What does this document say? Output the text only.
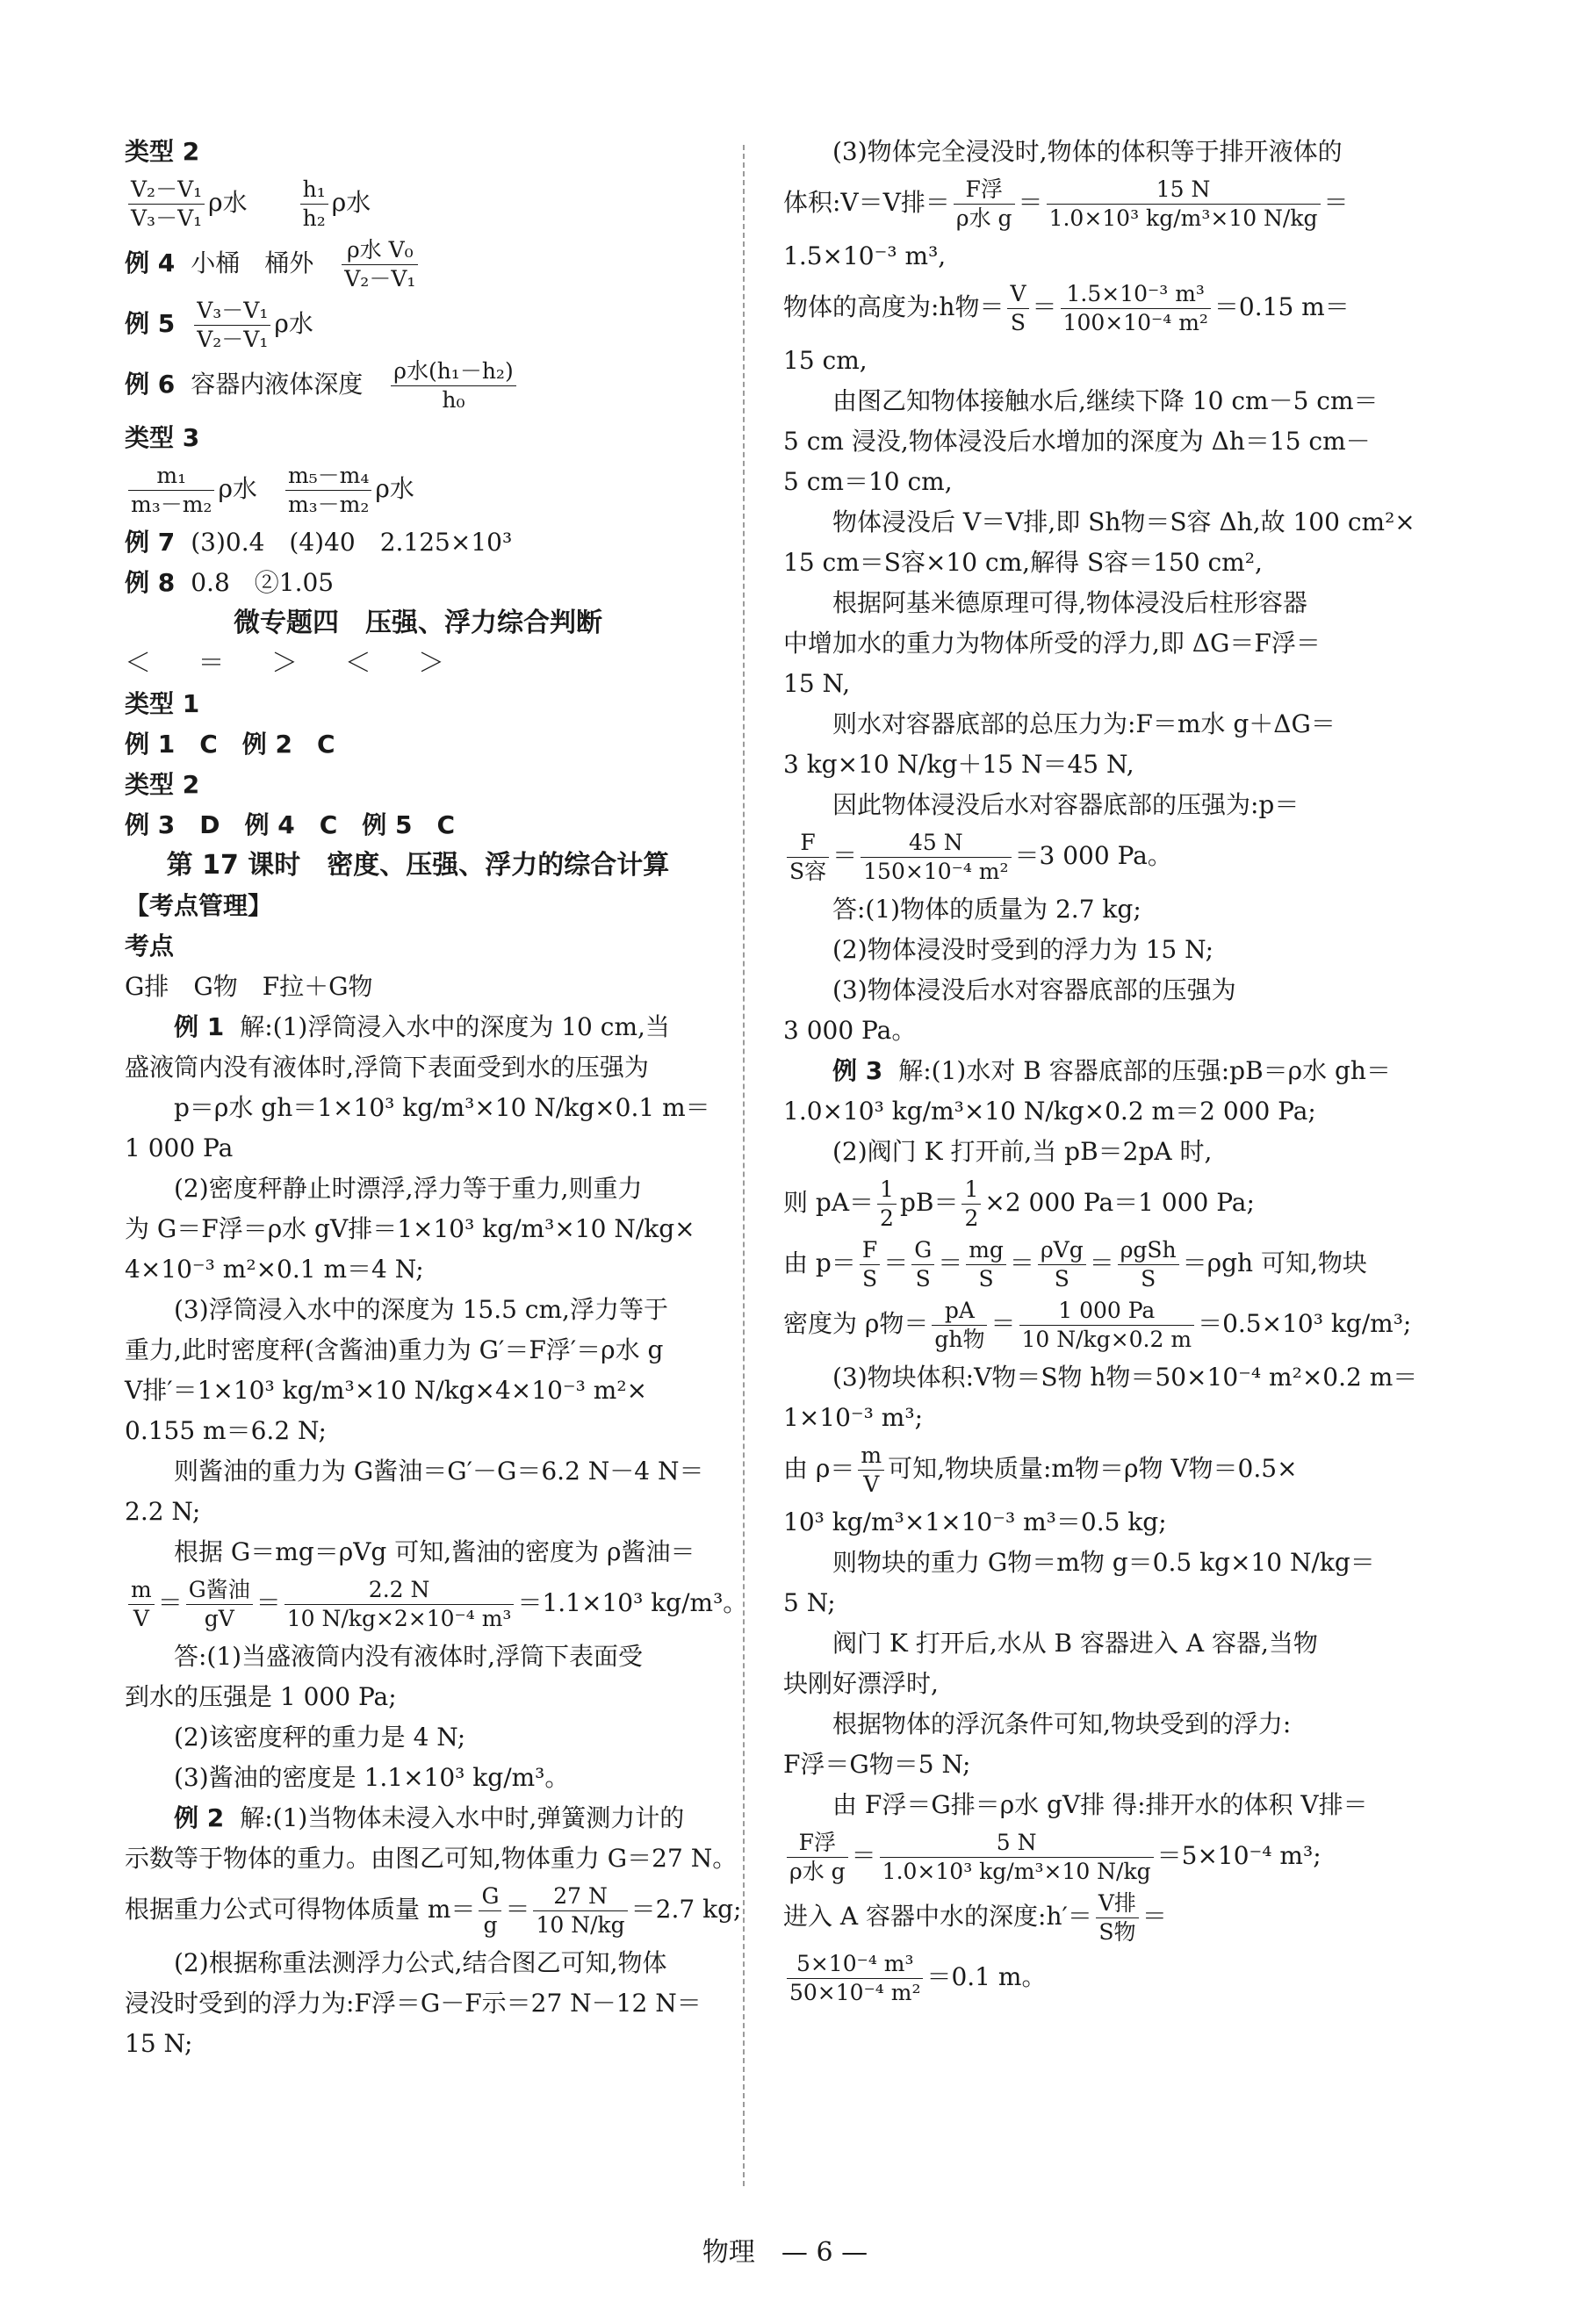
类型 2
$\frac{\text{V₂－V₁}}{\text{V₃－V₁}}$ ρ水　　 $\frac{\text{h₁}}{\text{h₂}}$ ρ水
例 4 小桶　桶外　 ρ水 V₀
V₂－V₁
例 $5 \frac{\text{V₃－V₁}}{\text{V₂－V₁}}$ ρ水
例 6 容器内液体深度　 ρ水(h₁－h₂)
h₀
类型 3
$\frac{\text{m₁}}{\text{m₃－m₂}}$ ρ水　 $\frac{\text{m₅－m₄}}{\text{m₃－m₂}}$ ρ水
例 7 (3)0.4　(4)40　2.125×10³
例 8 0.8　②1.05
微专题四　压强、浮力综合判断
＜ ＝ ＞ ＜ ＞
类型 1
例 1　C　例 2　C
类型 2
例 3　D　例 4　C　例 5　C
第 17 课时　密度、压强、浮力的综合计算
【考点管理】
考点
G排　G物　F拉＋G物
例 1 解:(1)浮筒浸入水中的深度为 10 cm,当
盛液筒内没有液体时,浮筒下表面受到水的压强为
p＝ρ水 gh＝1×10³ kg/m³×10 N/kg×0.1 m＝
1 000 Pa
(2)密度秤静止时漂浮,浮力等于重力,则重力
为 G＝F浮＝ρ水 gV排＝1×10³ kg/m³×10 N/kg×
4×10⁻³ m²×0.1 m＝4 N;
(3)浮筒浸入水中的深度为 15.5 cm,浮力等于
重力,此时密度秤(含酱油)重力为 G′＝F浮′＝ρ水 g
V排′＝1×10³ kg/m³×10 N/kg×4×10⁻³ m²×
0.155 m＝6.2 N;
则酱油的重力为 G酱油＝G′－G＝6.2 N－4 N＝
2.2 N;
根据 G＝mg＝ρVg 可知,酱油的密度为 ρ酱油＝
$\frac{m}{V} = G$酱油
gV
＝ $\frac{2.2 N}{\text{10 N/kg×2×10⁻⁴ m³}} =1.1\times 10^3$ kg/m³。
答:(1)当盛液筒内没有液体时,浮筒下表面受
到水的压强是 1 000 Pa;
(2)该密度秤的重力是 4 N;
(3)酱油的密度是 1.1×10³ kg/m³。
例 2 解:(1)当物体未浸入水中时,弹簧测力计的
示数等于物体的重力。由图乙可知,物体重力 G＝27 N。
根据重力公式可得物体质量 $m= \frac{G}{g} = \frac{27 N}{10 N/kg} =2.7$ kg;
(2)根据称重法测浮力公式,结合图乙可知,物体
浸没时受到的浮力为:F浮＝G－F示＝27 N－12 N＝
15 N;
(3)物体完全浸没时,物体的体积等于排开液体的
体积:V＝V排＝ F浮
ρ水 g
＝ $\frac{15 N}{\text{1.0×10³ kg/m³×10 N/kg}}$ ＝
1.5×10⁻³ m³,
物体的高度为:h物＝ $\frac{V}{S} = \frac{\text{1.5×10⁻³ m³}}{\text{100×10⁻⁴ m²}} =0.15$ m＝
15 cm,
由图乙知物体接触水后,继续下降 10 cm－5 cm＝
5 cm 浸没,物体浸没后水增加的深度为 Δh＝15 cm－
5 cm＝10 cm,
物体浸没后 V＝V排,即 Sh物＝S容 Δh,故 100 cm²×
15 cm＝S容×10 cm,解得 S容＝150 cm²,
根据阿基米德原理可得,物体浸没后柱形容器
中增加水的重力为物体所受的浮力,即 ΔG＝F浮＝
15 N,
则水对容器底部的总压力为:F＝m水 g＋ΔG＝
3 kg×10 N/kg＋15 N＝45 N,
因此物体浸没后水对容器底部的压强为:p＝
F
S容
＝ $\frac{45 N}{\text{150×10⁻⁴ m²}} =3$ 000 Pa。
答:(1)物体的质量为 2.7 kg;
(2)物体浸没时受到的浮力为 15 N;
(3)物体浸没后水对容器底部的压强为
3 000 Pa。
例 3 解:(1)水对 B 容器底部的压强:pB＝ρ水 gh＝
1.0×10³ kg/m³×10 N/kg×0.2 m＝2 000 Pa;
(2)阀门 K 打开前,当 pB＝2pA 时,
则 $pA= \frac{1}{2} pB= \frac{1}{2} \times 2$ 000 Pa＝1 000 Pa;
由 $p= \frac{F}{S} = \frac{G}{S} = \frac{mg}{S} = \rho Vg$
S
＝ ρgSh
S
＝ρgh 可知,物块
密度为 ρ物＝ pA
gh物
＝ $\frac{1 000 Pa}{10 N/kg\times 0.2 m} =0.5\times 10^3$ kg/m³;
(3)物块体积:V物＝S物 h物＝50×10⁻⁴ m²×0.2 m＝
1×10⁻³ m³;
由 $\rho= \frac{m}{V}$ 可知,物块质量:m物＝ρ物 V物＝0.5×
10³ kg/m³×1×10⁻³ m³＝0.5 kg;
则物块的重力 G物＝m物 g＝0.5 kg×10 N/kg＝
5 N;
阀门 K 打开后,水从 B 容器进入 A 容器,当物
块刚好漂浮时,
根据物体的浮沉条件可知,物块受到的浮力:
F浮＝G物＝5 N;
由 F浮＝G排＝ρ水 gV排 得:排开水的体积 V排＝
F浮
ρ水 g
＝ $\frac{5 N}{\text{1.0×10³ kg/m³×10 N/kg}} =5\times 10^{-4}$ m³;
进入 A 容器中水的深度:h′＝ V排
S物
＝
$\frac{\text{5×10⁻⁴ m³}}{\text{50×10⁻⁴ m²}} =0.1$ m。
物理　— 6 —
